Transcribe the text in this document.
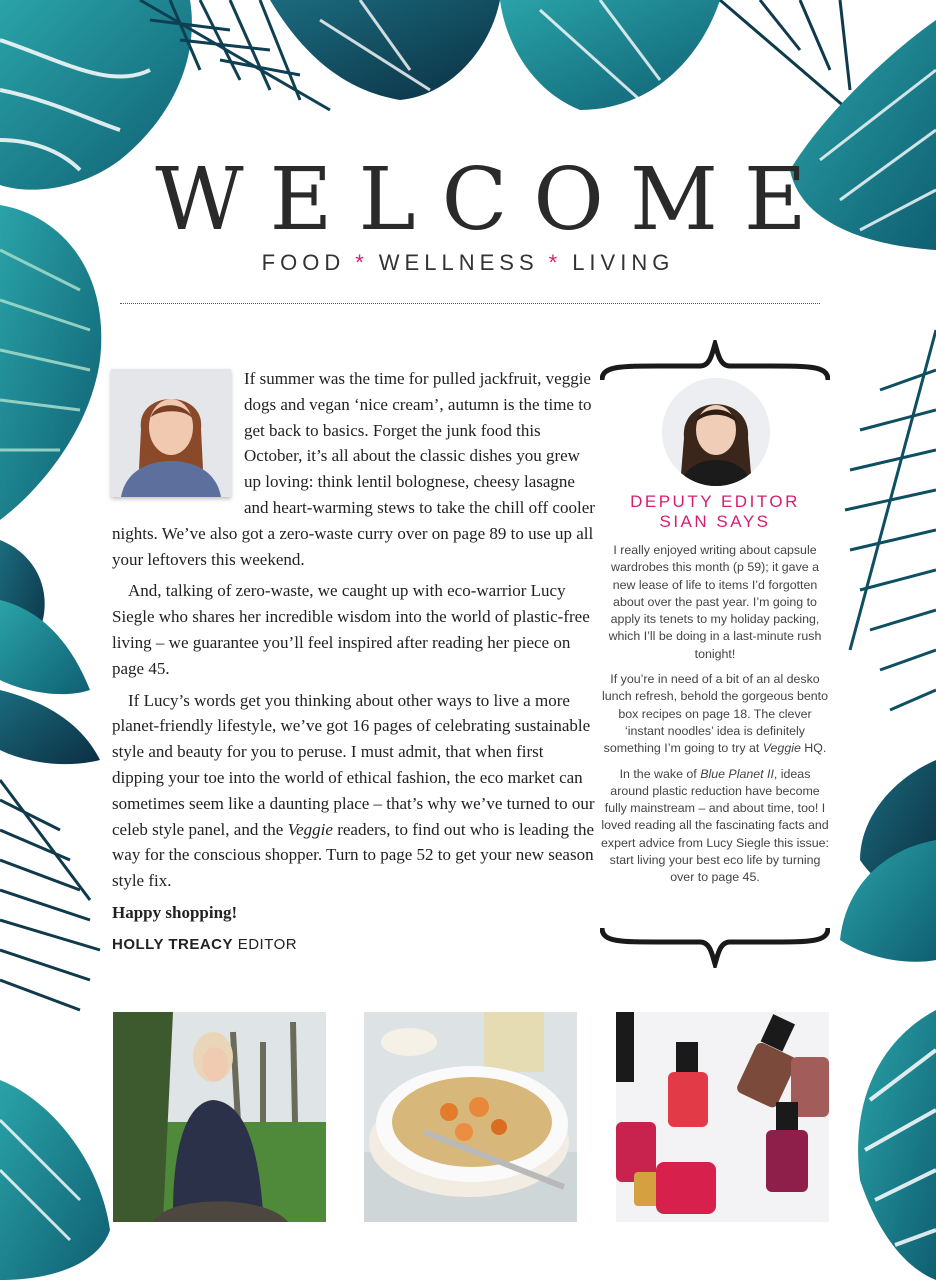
WELCOME
FOOD * WELLNESS * LIVING

If summer was the time for pulled jackfruit, veggie dogs and vegan ‘nice cream’, autumn is the time to get back to basics. Forget the junk food this October, it’s all about the classic dishes you grew up loving: think lentil bolognese, cheesy lasagne and heart-warming stews to take the chill off cooler nights. We’ve also got a zero-waste curry over on page 89 to use up all your leftovers this weekend.

And, talking of zero-waste, we caught up with eco-warrior Lucy Siegle who shares her incredible wisdom into the world of plastic-free living – we guarantee you’ll feel inspired after reading her piece on page 45.

If Lucy’s words get you thinking about other ways to live a more planet-friendly lifestyle, we’ve got 16 pages of celebrating sustainable style and beauty for you to peruse. I must admit, that when first dipping your toe into the world of ethical fashion, the eco market can sometimes seem like a daunting place – that’s why we’ve turned to our celeb style panel, and the Veggie readers, to find out who is leading the way for the conscious shopper. Turn to page 52 to get your new season style fix.

Happy shopping!

HOLLY TREACY EDITOR

DEPUTY EDITOR
SIAN SAYS

I really enjoyed writing about capsule wardrobes this month (p 59); it gave a new lease of life to items I’d forgotten about over the past year. I’m going to apply its tenets to my holiday packing, which I’ll be doing in a last-minute rush tonight!

If you’re in need of a bit of an al desko lunch refresh, behold the gorgeous bento box recipes on page 18. The clever ‘instant noodles’ idea is definitely something I’m going to try at Veggie HQ.

In the wake of Blue Planet II, ideas around plastic reduction have become fully mainstream – and about time, too! I loved reading all the fascinating facts and expert advice from Lucy Siegle this issue: start living your best eco life by turning over to page 45.
